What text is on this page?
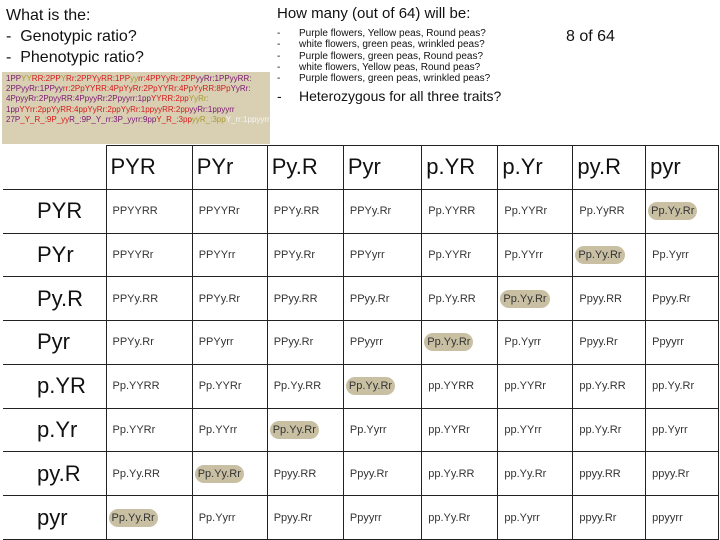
What is the:
-  Genotypic ratio?
-  Phenotypic ratio?
How many (out of 64) will be:
- Purple flowers, Yellow peas, Round peas?
- white flowers, green peas, wrinkled peas?
- Purple flowers, green peas, Round peas?
- white flowers, Yellow peas, Round peas?
- Purple flowers, green peas, wrinkled peas?
- Heterozygous for all three traits?
8 of 64
1PPYYRR:2PPYRr:2PPYyRR:1PPyyrr:4PPYyRr:2PPyyRr:1PPyyRR:
2PPyyRr:1PPyyrr:2PpYYRR:4PpYyRr:2PpYYRr:4PpYyRR:8PpYyRr:
4PpyyRr:2PpyyRR:4PpyyRr:2Ppyyrr:1ppYYRR:2ppYyRr:
1ppYYrr:2ppYyRR:4ppYyRr:2ppYyRr:1ppyyRR:2ppyyRr:1ppyyrr
27P_Y_R_:9P_yyR_:9P_Y_rr:3P_yyrr:9ppY_R_:3ppyyR_:3ppY_rr:1ppyyrr
	PYR	PYr	Py.R	Pyr	p.YR	p.Yr	py.R	pyr
PYR	PPYYRR	PPYYRr	PPYy.RR	PPYy.Rr	Pp.YYRR	Pp.YYRr	Pp.YyRR	Pp.Yy.Rr
PYr	PPYYRr	PPYYrr	PPYy.Rr	PPYyrr	Pp.YYRr	Pp.YYrr	Pp.Yy.Rr	Pp.Yyrr
Py.R	PPYy.RR	PPYy.Rr	PPyy.RR	PPyy.Rr	Pp.Yy.RR	Pp.Yy.Rr	Ppyy.RR	Ppyy.Rr
Pyr	PPYy.Rr	PPYyrr	PPyy.Rr	PPyyrr	Pp.Yy.Rr	Pp.Yyrr	Ppyy.Rr	Ppyyrr
p.YR	Pp.YYRR	Pp.YYRr	Pp.Yy.RR	Pp.Yy.Rr	pp.YYRR	pp.YYRr	pp.Yy.RR	pp.Yy.Rr
p.Yr	Pp.YYRr	Pp.YYrr	Pp.Yy.Rr	Pp.Yyrr	pp.YYRr	pp.YYrr	pp.Yy.Rr	pp.Yyrr
py.R	Pp.Yy.RR	Pp.Yy.Rr	Ppyy.RR	Ppyy.Rr	pp.Yy.RR	pp.Yy.Rr	ppyy.RR	ppyy.Rr
pyr	Pp.Yy.Rr	Pp.Yyrr	Ppyy.Rr	Ppyyrr	pp.Yy.Rr	pp.Yyrr	ppyy.Rr	ppyyrr
